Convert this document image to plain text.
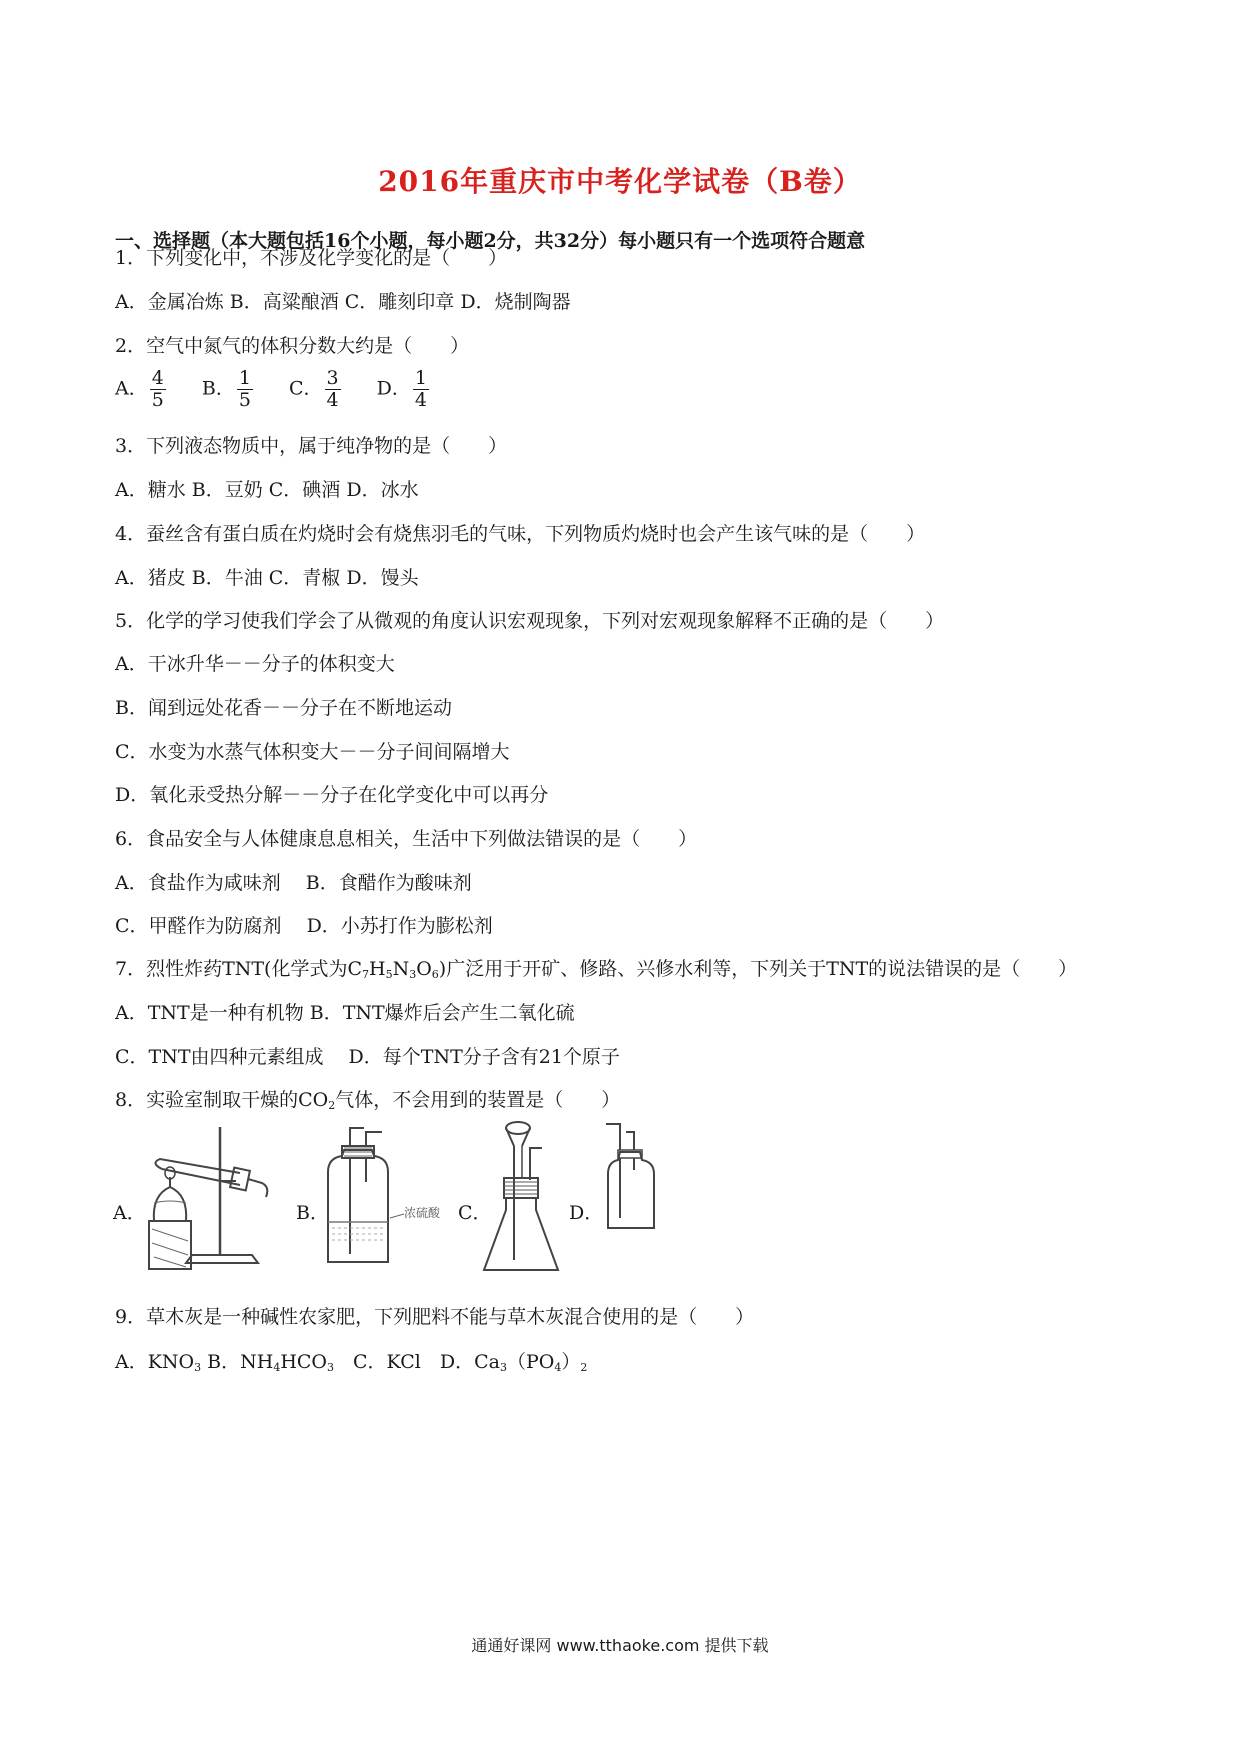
2016年重庆市中考化学试卷（B卷）
一、选择题（本大题包括16个小题，每小题2分，共32分）每小题只有一个选项符合题意
1．下列变化中，不涉及化学变化的是（　　）
A．金属冶炼 B．高粱酿酒 C．雕刻印章 D．烧制陶器
2．空气中氮气的体积分数大约是（　　）
A． $\frac{4}{5}$ B． $\frac{1}{5}$ C． $\frac{3}{4}$ D． $\frac{1}{4}$
3．下列液态物质中，属于纯净物的是（　　）
A．糖水 B．豆奶 C．碘酒 D．冰水
4．蚕丝含有蛋白质在灼烧时会有烧焦羽毛的气味，下列物质灼烧时也会产生该气味的是（　　）
A．猪皮 B．牛油 C．青椒 D．馒头
5．化学的学习使我们学会了从微观的角度认识宏观现象，下列对宏观现象解释不正确的是（　　）
A．干冰升华－－分子的体积变大
B．闻到远处花香－－分子在不断地运动
C．水变为水蒸气体积变大－－分子间间隔增大
D．氧化汞受热分解－－分子在化学变化中可以再分
6．食品安全与人体健康息息相关，生活中下列做法错误的是（　　）
A．食盐作为咸味剂　 B．食醋作为酸味剂
C．甲醛作为防腐剂　 D．小苏打作为膨松剂
7．烈性炸药TNT(化学式为$C_7H_5N_3O_6$)广泛用于开矿、修路、兴修水利等，下列关于TNT的说法错误的是（　　）
A．TNT是一种有机物 B．TNT爆炸后会产生二氧化硫
C．TNT由四种元素组成　 D．每个TNT分子含有21个原子
8．实验室制取干燥的$CO_2$气体，不会用到的装置是（　　）
A．	B．	浓硫酸 C．	D．
9．草木灰是一种碱性农家肥，下列肥料不能与草木灰混合使用的是（　　）
A．$KNO_3$ B．$NH_4HCO_3$　C．KCl　D．$Ca_3(PO_4)_2$
通通好课网 www.tthaoke.com 提供下载
